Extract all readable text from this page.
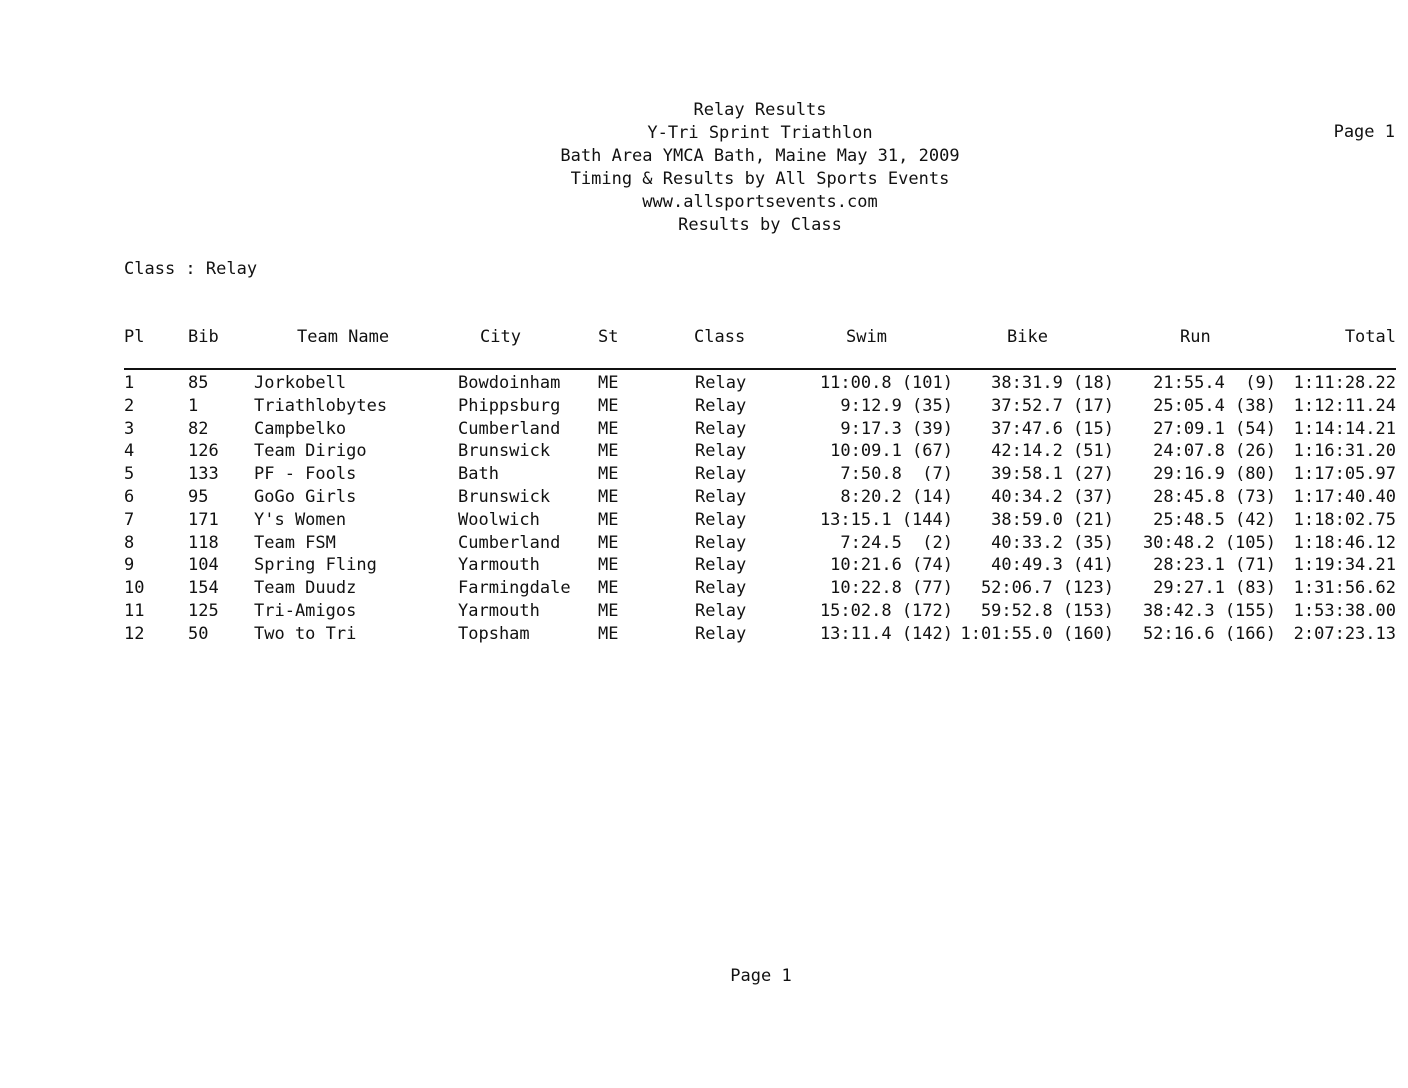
Relay Results
Y-Tri Sprint Triathlon
Bath Area YMCA Bath, Maine May 31, 2009
Timing & Results by All Sports Events
www.allsportsevents.com
Results by Class
Page 1
Class : Relay
Pl	Bib	Team Name	City	St	Class	Swim	Bike	Run	Total
1	85	Jorkobell	Bowdoinham	ME	Relay	11:00.8 (101)	38:31.9 (18)	21:55.4  (9)	1:11:28.22
2	1	Triathlobytes	Phippsburg	ME	Relay	9:12.9 (35)	37:52.7 (17)	25:05.4 (38)	1:12:11.24
3	82	Campbelko	Cumberland	ME	Relay	9:17.3 (39)	37:47.6 (15)	27:09.1 (54)	1:14:14.21
4	126	Team Dirigo	Brunswick	ME	Relay	10:09.1 (67)	42:14.2 (51)	24:07.8 (26)	1:16:31.20
5	133	PF - Fools	Bath	ME	Relay	7:50.8  (7)	39:58.1 (27)	29:16.9 (80)	1:17:05.97
6	95	GoGo Girls	Brunswick	ME	Relay	8:20.2 (14)	40:34.2 (37)	28:45.8 (73)	1:17:40.40
7	171	Y's Women	Woolwich	ME	Relay	13:15.1 (144)	38:59.0 (21)	25:48.5 (42)	1:18:02.75
8	118	Team FSM	Cumberland	ME	Relay	7:24.5  (2)	40:33.2 (35)	30:48.2 (105)	1:18:46.12
9	104	Spring Fling	Yarmouth	ME	Relay	10:21.6 (74)	40:49.3 (41)	28:23.1 (71)	1:19:34.21
10	154	Team Duudz	Farmingdale	ME	Relay	10:22.8 (77)	52:06.7 (123)	29:27.1 (83)	1:31:56.62
11	125	Tri-Amigos	Yarmouth	ME	Relay	15:02.8 (172)	59:52.8 (153)	38:42.3 (155)	1:53:38.00
12	50	Two to Tri	Topsham	ME	Relay	13:11.4 (142) 1:01:55.0 (160)	52:16.6 (166)	2:07:23.13
Page 1
